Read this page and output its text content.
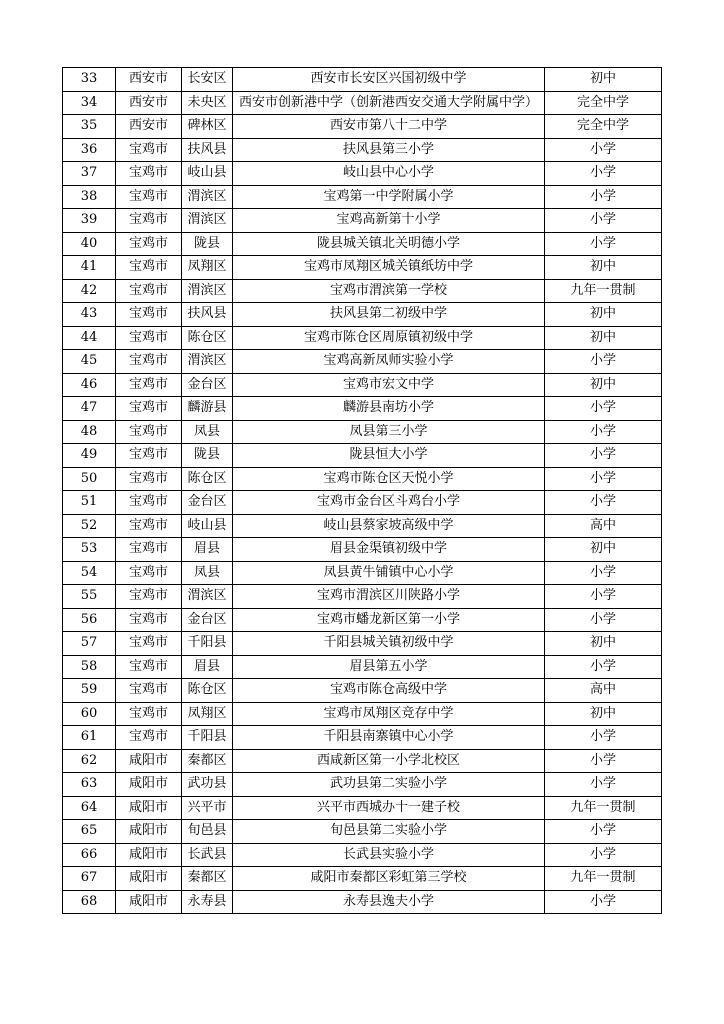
33	西安市	长安区	西安市长安区兴国初级中学	初中
34	西安市	未央区	西安市创新港中学（创新港西安交通大学附属中学）	完全中学
35	西安市	碑林区	西安市第八十二中学	完全中学
36	宝鸡市	扶风县	扶风县第三小学	小学
37	宝鸡市	岐山县	岐山县中心小学	小学
38	宝鸡市	渭滨区	宝鸡第一中学附属小学	小学
39	宝鸡市	渭滨区	宝鸡高新第十小学	小学
40	宝鸡市	陇县	陇县城关镇北关明德小学	小学
41	宝鸡市	凤翔区	宝鸡市凤翔区城关镇纸坊中学	初中
42	宝鸡市	渭滨区	宝鸡市渭滨第一学校	九年一贯制
43	宝鸡市	扶风县	扶风县第二初级中学	初中
44	宝鸡市	陈仓区	宝鸡市陈仓区周原镇初级中学	初中
45	宝鸡市	渭滨区	宝鸡高新凤师实验小学	小学
46	宝鸡市	金台区	宝鸡市宏文中学	初中
47	宝鸡市	麟游县	麟游县南坊小学	小学
48	宝鸡市	凤县	凤县第三小学	小学
49	宝鸡市	陇县	陇县恒大小学	小学
50	宝鸡市	陈仓区	宝鸡市陈仓区天悦小学	小学
51	宝鸡市	金台区	宝鸡市金台区斗鸡台小学	小学
52	宝鸡市	岐山县	岐山县蔡家坡高级中学	高中
53	宝鸡市	眉县	眉县金渠镇初级中学	初中
54	宝鸡市	凤县	凤县黄牛铺镇中心小学	小学
55	宝鸡市	渭滨区	宝鸡市渭滨区川陕路小学	小学
56	宝鸡市	金台区	宝鸡市蟠龙新区第一小学	小学
57	宝鸡市	千阳县	千阳县城关镇初级中学	初中
58	宝鸡市	眉县	眉县第五小学	小学
59	宝鸡市	陈仓区	宝鸡市陈仓高级中学	高中
60	宝鸡市	凤翔区	宝鸡市凤翔区竞存中学	初中
61	宝鸡市	千阳县	千阳县南寨镇中心小学	小学
62	咸阳市	秦都区	西咸新区第一小学北校区	小学
63	咸阳市	武功县	武功县第二实验小学	小学
64	咸阳市	兴平市	兴平市西城办十一建子校	九年一贯制
65	咸阳市	旬邑县	旬邑县第二实验小学	小学
66	咸阳市	长武县	长武县实验小学	小学
67	咸阳市	秦都区	咸阳市秦都区彩虹第三学校	九年一贯制
68	咸阳市	永寿县	永寿县逸夫小学	小学
